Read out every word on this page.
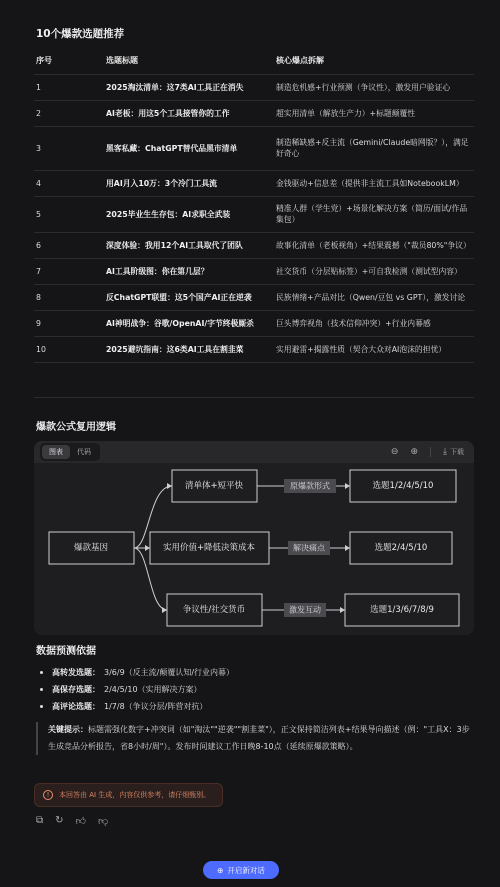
10个爆款选题推荐
序号	选题标题	核心爆点拆解
1	2025淘汰清单：这7类AI工具正在消失	制造危机感+行业预测（争议性），激发用户验证心
2	AI老板：用这5个工具接管你的工作	超实用清单（解放生产力）+标题颠覆性
3	黑客私藏：ChatGPT替代品黑市清单	制造稀缺感+反主流（Gemini/Claude暗网版？），满足好奇心
4	用AI月入10万：3个冷门工具流	金钱驱动+信息差（提供非主流工具如NotebookLM）
5	2025毕业生生存包：AI求职全武装	精准人群（学生党）+场景化解决方案（简历/面试/作品集包）
6	深度体验：我用12个AI工具取代了团队	故事化清单（老板视角）+结果震撼（"裁员80%"争议）
7	AI工具阶级图：你在第几层？	社交货币（分层贴标签）+可自我检测（测试型内容）
8	反ChatGPT联盟：这5个国产AI正在逆袭	民族情绪+产品对比（Qwen/豆包 vs GPT），激发讨论
9	AI神明战争：谷歌/OpenAI/字节终极厮杀	巨头博弈视角（技术信仰冲突）+行业内幕感
10	2025避坑指南：这6类AI工具在割韭菜	实用避雷+揭露性质（契合大众对AI泡沫的担忧）
爆款公式复用逻辑
图表	代码	⊖ ⊕	⤓ 下载
爆款基因
清单体+短平快
实用价值+降低决策成本
争议性/社交货币
原爆款形式
解决痛点
激发互动
选题1/2/4/5/10
选题2/4/5/10
选题1/3/6/7/8/9
数据预测依据
高转发选题： 3/6/9（反主流/颠覆认知/行业内幕）
高保存选题： 2/4/5/10（实用解决方案）
高评论选题： 1/7/8（争议分层/阵营对抗）
关键提示：标题需强化数字+冲突词（如"淘汰""逆袭""割韭菜"），正文保持简洁列表+结果导向描述（例："工具X：3步生成竞品分析报告，省8小时/周"）。发布时间建议工作日晚8-10点（延续原爆款策略）。
!	本回答由 AI 生成，内容仅供参考，请仔细甄别。
⧉ ↻ 👍︎ 👎︎
⊕ 开启新对话
